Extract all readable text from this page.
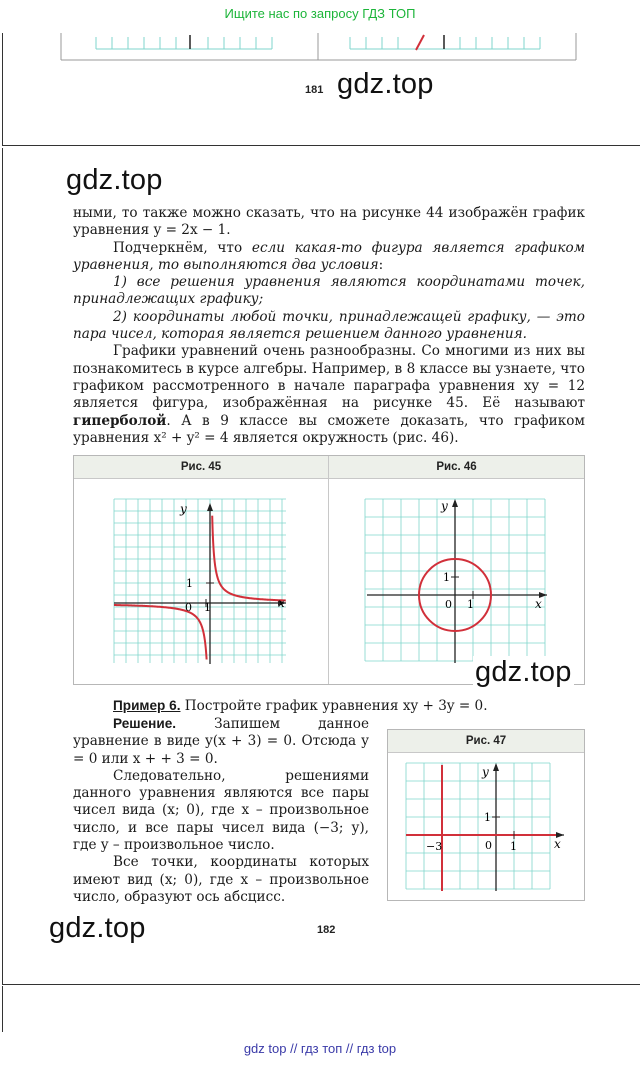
Ищите нас по запросу ГДЗ ТОП
181 gdz.top
gdz.top

ными, то также можно сказать, что на рисунке 44 изображён график уравнения y = 2x − 1.

Подчеркнём, что если какая-то фигура является графиком уравнения, то выполняются два условия:

1) все решения уравнения являются координатами точек, принадлежащих графику;

2) координаты любой точки, принадлежащей графику, — это пара чисел, которая является решением данного уравнения.

Графики уравнений очень разнообразны. Со многими из них вы познакомитесь в курсе алгебры. Например, в 8 классе вы узнаете, что графиком рассмотренного в начале параграфа уравнения xy = 12 является фигура, изображённая на рисунке 45. Её называют гиперболой. А в 9 классе вы сможете доказать, что графиком уравнения x² + y² = 4 является окружность (рис. 46).

Рис. 45	Рис. 46
y
x
0 1
1
y
x
0 1
1
gdz.top
Пример 6. Постройте график уравнения xy + 3y = 0.

Решение. Запишем данное уравнение в виде y(x + 3) = 0. Отсюда y = 0 или x + + 3 = 0.

Следовательно, решениями данного уравнения являются все пары чисел вида (x; 0), где x – произвольное число, и все пары чисел вида (−3; y), где y – произвольное число.

Все точки, координаты которых имеют вид (x; 0), где x – произвольное число, образуют ось абсцисс.

Рис. 47
y
x
0 1
1
−3
gdz.top	182
gdz top // гдз топ // гдз top
